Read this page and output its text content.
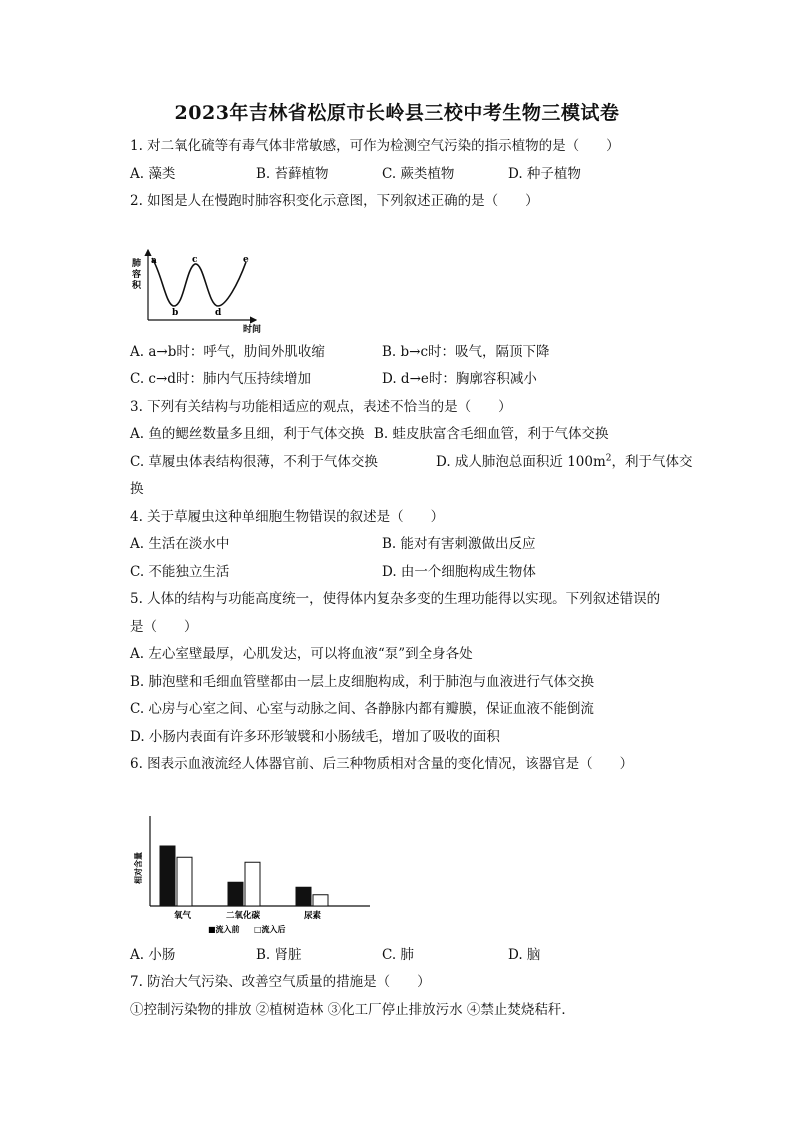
2023年吉林省松原市长岭县三校中考生物三模试卷
1. 对二氧化硫等有毒气体非常敏感，可作为检测空气污染的指示植物的是（　　）
A. 藻类	B. 苔藓植物	C. 蕨类植物	D. 种子植物
2. 如图是人在慢跑时肺容积变化示意图，下列叙述正确的是（　　）
肺
容
积
a
b
c
d
e
时间
A. a→b时：呼气，肋间外肌收缩	B. b→c时：吸气，隔顶下降
C. c→d时：肺内气压持续增加	D. d→e时：胸廓容积减小
3. 下列有关结构与功能相适应的观点，表述不恰当的是（　　）
A. 鱼的鳃丝数量多且细，利于气体交换 B. 蛙皮肤富含毛细血管，利于气体交换
C. 草履虫体表结构很薄，不利于气体交换	D. 成人肺泡总面积近 $100m^2$，利于气体交
换
4. 关于草履虫这种单细胞生物错误的叙述是（　　）
A. 生活在淡水中	B. 能对有害刺激做出反应
C. 不能独立生活	D. 由一个细胞构成生物体
5. 人体的结构与功能高度统一，使得体内复杂多变的生理功能得以实现。下列叙述错误的
是（　　）
A. 左心室壁最厚，心肌发达，可以将血液“泵”到全身各处
B. 肺泡壁和毛细血管壁都由一层上皮细胞构成，利于肺泡与血液进行气体交换
C. 心房与心室之间、心室与动脉之间、各静脉内都有瓣膜，保证血液不能倒流
D. 小肠内表面有许多环形皱襞和小肠绒毛，增加了吸收的面积
6. 图表示血液流经人体器官前、后三种物质相对含量的变化情况，该器官是（　　）
相对含量
氧气	二氧化碳	尿素
■流入前 □流入后
A. 小肠	B. 肾脏	C. 肺	D. 脑
7. 防治大气污染、改善空气质量的措施是（　　）
①控制污染物的排放 ②植树造林 ③化工厂停止排放污水 ④禁止焚烧秸秆．
